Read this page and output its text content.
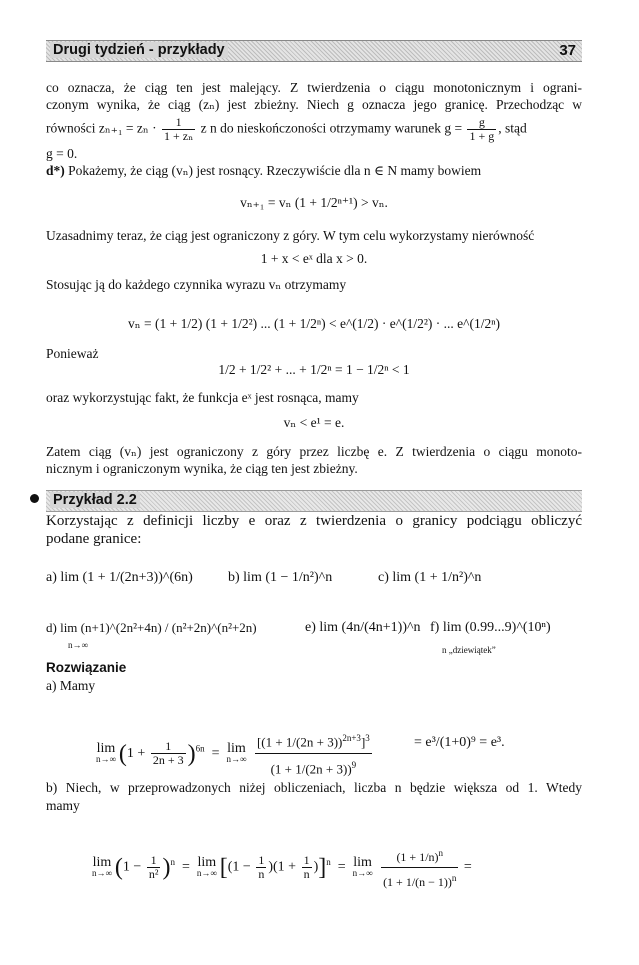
Drugi tydzień - przykłady	37
co oznacza, że ciąg ten jest malejący. Z twierdzenia o ciągu monotonicznym i ograni-
czonym wynika, że ciąg (zₙ) jest zbieżny. Niech g oznacza jego granicę. Przechodząc w
równości $z_{n+1} = z_n \cdot \frac{1}{\text{1 + zₙ}}$ z n do nieskończoności otrzymamy warunek $g = \frac{g}{1 + g}$ , stąd
g = 0.
d*) Pokażemy, że ciąg (vₙ) jest rosnący. Rzeczywiście dla n ∈ N mamy bowiem
vₙ₊₁ = vₙ (1 + 1/2ⁿ⁺¹) > vₙ.
Uzasadnimy teraz, że ciąg jest ograniczony z góry. W tym celu wykorzystamy nierówność
1 + x < eˣ dla x > 0.
Stosując ją do każdego czynnika wyrazu vₙ otrzymamy
vₙ = (1 + 1/2) (1 + 1/2²) ... (1 + 1/2ⁿ) < e^(1/2) · e^(1/2²) · ... e^(1/2ⁿ)
Ponieważ
1/2 + 1/2² + ... + 1/2ⁿ = 1 − 1/2ⁿ < 1
oraz wykorzystując fakt, że funkcja eˣ jest rosnąca, mamy
vₙ < e¹ = e.
Zatem ciąg (vₙ) jest ograniczony z góry przez liczbę e. Z twierdzenia o ciągu monoto-
nicznym i ograniczonym wynika, że ciąg ten jest zbieżny.
Przykład 2.2
Korzystając z definicji liczby e oraz z twierdzenia o granicy podciągu obliczyć
podane granice:
a) lim (1 + 1/(2n+3))^(6n)	b) lim (1 − 1/n²)^n	c) lim (1 + 1/n²)^n
d) lim (n+1)^(2n²+4n) / (n²+2n)^(n²+2n)	e) lim (4n/(4n+1))^n f) lim (0.99...9)^(10ⁿ)
n→∞	n „dziewiątek”
Rozwiązanie
a) Mamy
lim
n→∞ $(1 + \frac{1}{2n + 3} )^{6n} = \lim$
n→∞
$\frac{[(1 + 1/(2n + 3))^{2n+3}]^3}{(1 + 1/(2n + 3))^9}$	= e³/(1+0)⁹ = e³.
b) Niech, w przeprowadzonych niżej obliczeniach, liczba n będzie większa od 1. Wtedy
mamy
lim
n→∞ $(1 - \frac{1}{\text{n²}} )^n = \lim$
n→∞ $[(1 - \frac{1}{n} )(1 + \frac{1}{n} )]^n = \lim$
n→∞
$\frac{(1 + 1/n)^n}{(1 + 1/(n - 1))^n}$ =
